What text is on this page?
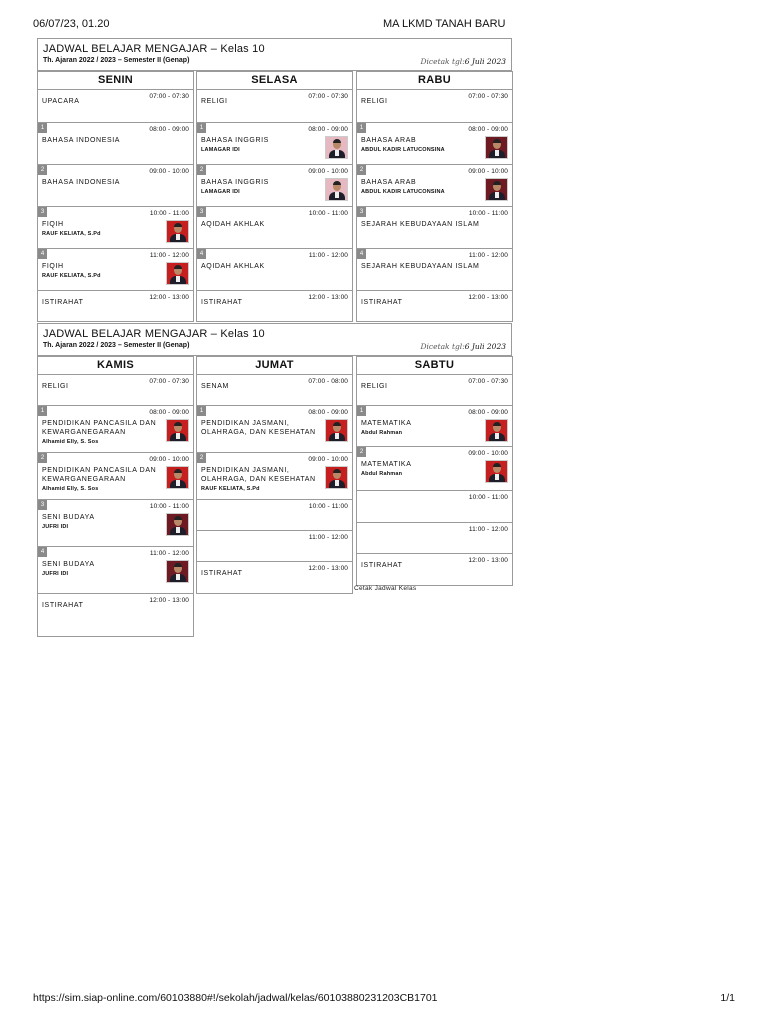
06/07/23, 01.20	MA LKMD TANAH BARU
JADWAL BELAJAR MENGAJAR – Kelas 10
Th. Ajaran 2022 / 2023 – Semester II (Genap)	Dicetak tgl:6 Juli 2023
SENIN
07:00 - 07:30
UPACARA
1	08:00 - 09:00
BAHASA INDONESIA
2	09:00 - 10:00
BAHASA INDONESIA
3	10:00 - 11:00
FIQIH
RAUF KELIATA, S.Pd
4	11:00 - 12:00
FIQIH
RAUF KELIATA, S.Pd
12:00 - 13:00
ISTIRAHAT
SELASA
07:00 - 07:30
RELIGI
1	08:00 - 09:00
BAHASA INGGRIS
LAMAGAR IDI
2	09:00 - 10:00
BAHASA INGGRIS
LAMAGAR IDI
3	10:00 - 11:00
AQIDAH AKHLAK
4	11:00 - 12:00
AQIDAH AKHLAK
12:00 - 13:00
ISTIRAHAT
RABU
07:00 - 07:30
RELIGI
1	08:00 - 09:00
BAHASA ARAB
ABDUL KADIR LATUCONSINA
2	09:00 - 10:00
BAHASA ARAB
ABDUL KADIR LATUCONSINA
3	10:00 - 11:00
SEJARAH KEBUDAYAAN ISLAM
4	11:00 - 12:00
SEJARAH KEBUDAYAAN ISLAM
12:00 - 13:00
ISTIRAHAT
JADWAL BELAJAR MENGAJAR – Kelas 10
Th. Ajaran 2022 / 2023 – Semester II (Genap)	Dicetak tgl:6 Juli 2023
KAMIS
07:00 - 07:30
RELIGI
1	08:00 - 09:00
PENDIDIKAN PANCASILA DAN KEWARGANEGARAAN
Alhamid Elly, S. Sos
2	09:00 - 10:00
PENDIDIKAN PANCASILA DAN KEWARGANEGARAAN
Alhamid Elly, S. Sos
3	10:00 - 11:00
SENI BUDAYA
JUFRI IDI
4	11:00 - 12:00
SENI BUDAYA
JUFRI IDI
12:00 - 13:00
ISTIRAHAT
JUMAT
07:00 - 08:00
SENAM
1	08:00 - 09:00
PENDIDIKAN JASMANI, OLAHRAGA, DAN KESEHATAN
2	09:00 - 10:00
PENDIDIKAN JASMANI, OLAHRAGA, DAN KESEHATAN
RAUF KELIATA, S.Pd
10:00 - 11:00
11:00 - 12:00
12:00 - 13:00
ISTIRAHAT
SABTU
07:00 - 07:30
RELIGI
1	08:00 - 09:00
MATEMATIKA
Abdul Rahman
2	09:00 - 10:00
MATEMATIKA
Abdul Rahman
10:00 - 11:00
11:00 - 12:00
12:00 - 13:00
ISTIRAHAT
Cetak Jadwal Kelas
https://sim.siap-online.com/60103880#!/sekolah/jadwal/kelas/60103880231203CB1701	1/1
